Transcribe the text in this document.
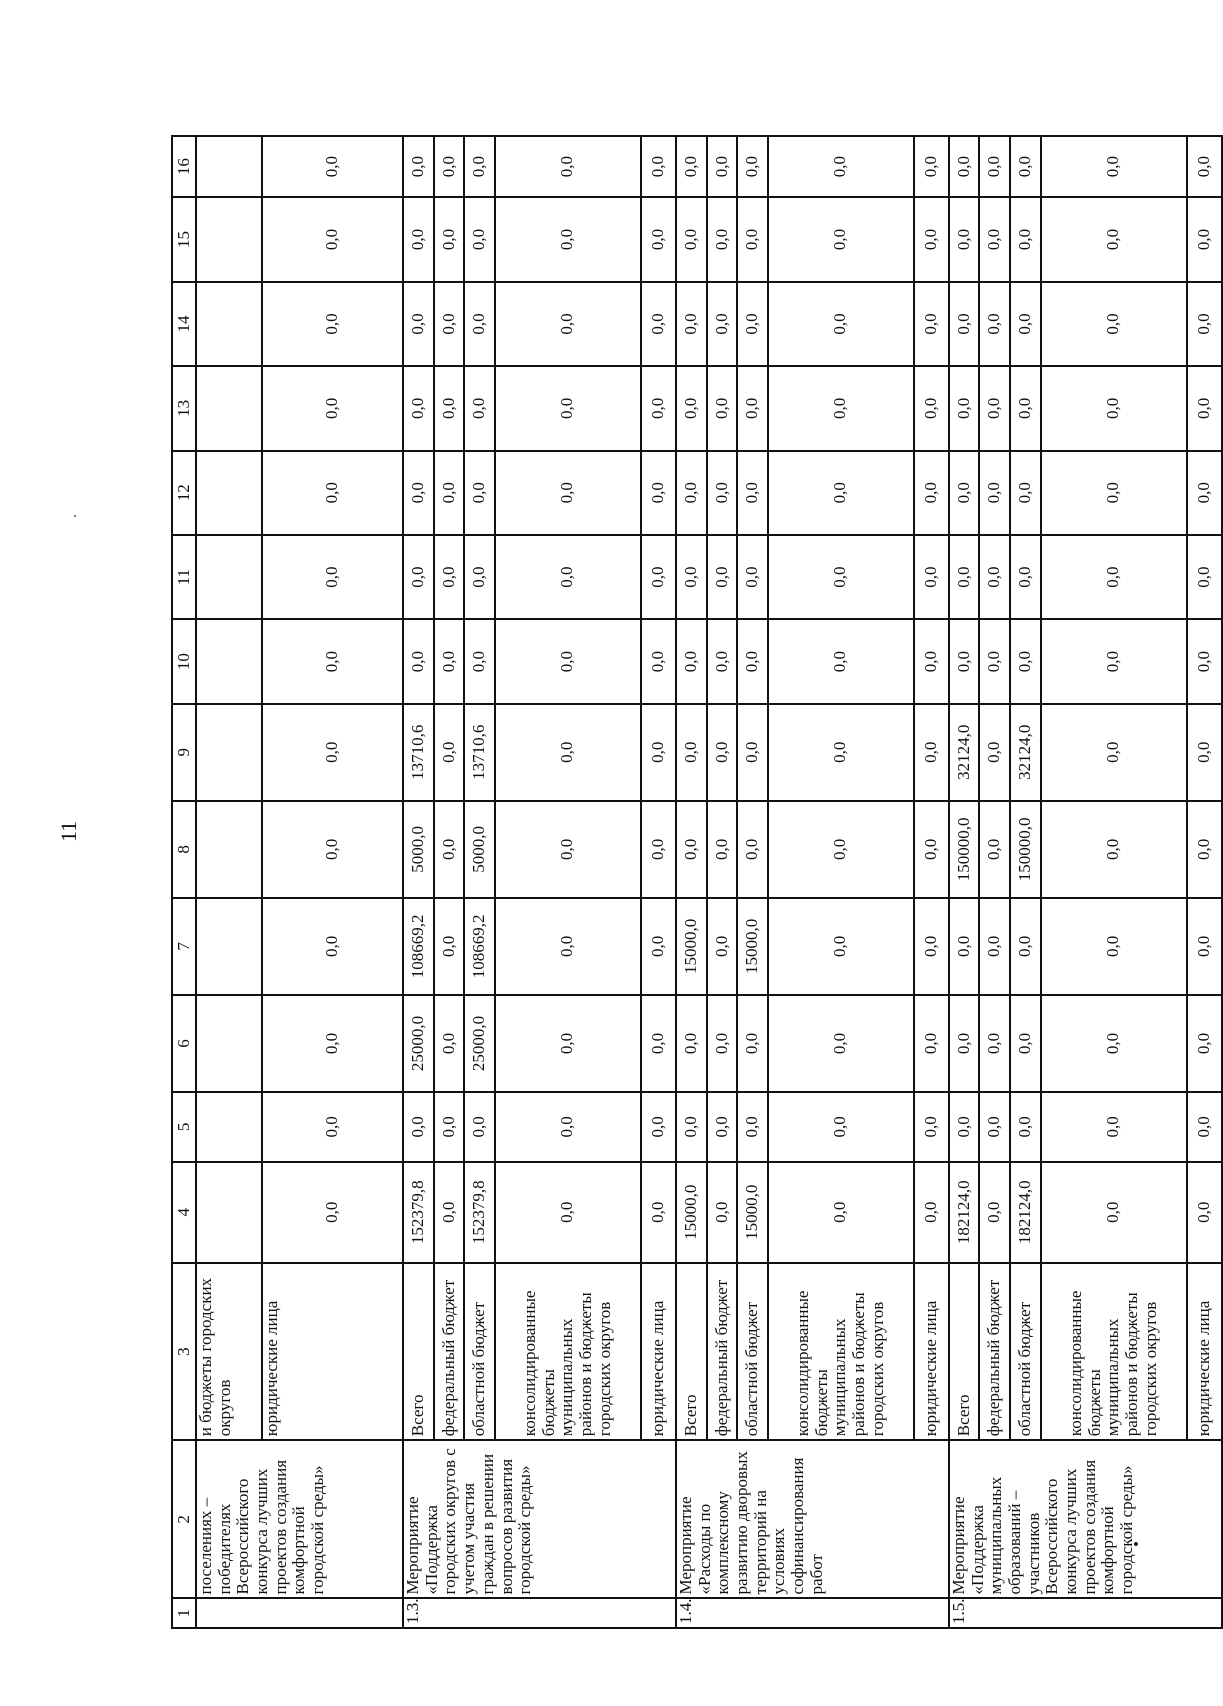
11
1	2	3	4	5	6	7	8	9	10	11	12	13	14	15	16
	поселениях – победителях Всероссийского конкурса лучших проектов создания комфортной городской среды»	и бюджеты городских округов													
		юридические лица	0,0	0,0	0,0	0,0	0,0	0,0	0,0	0,0	0,0	0,0	0,0	0,0	0,0
1.3.	Мероприятие «Поддержка городских округов с учетом участия граждан в решении вопросов развития городской среды»	Всего	152379,8	0,0	25000,0	108669,2	5000,0	13710,6	0,0	0,0	0,0	0,0	0,0	0,0	0,0
		федеральный бюджет	0,0	0,0	0,0	0,0	0,0	0,0	0,0	0,0	0,0	0,0	0,0	0,0	0,0
		областной бюджет	152379,8	0,0	25000,0	108669,2	5000,0	13710,6	0,0	0,0	0,0	0,0	0,0	0,0	0,0
		консолидированные бюджеты муниципальных районов и бюджеты городских округов	0,0	0,0	0,0	0,0	0,0	0,0	0,0	0,0	0,0	0,0	0,0	0,0	0,0
		юридические лица	0,0	0,0	0,0	0,0	0,0	0,0	0,0	0,0	0,0	0,0	0,0	0,0	0,0
1.4.	Мероприятие «Расходы по комплексному развитию дворовых территорий на условиях софинансирования работ	Всего	15000,0	0,0	0,0	15000,0	0,0	0,0	0,0	0,0	0,0	0,0	0,0	0,0	0,0
		федеральный бюджет	0,0	0,0	0,0	0,0	0,0	0,0	0,0	0,0	0,0	0,0	0,0	0,0	0,0
		областной бюджет	15000,0	0,0	0,0	15000,0	0,0	0,0	0,0	0,0	0,0	0,0	0,0	0,0	0,0
		консолидированные бюджеты муниципальных районов и бюджеты городских округов	0,0	0,0	0,0	0,0	0,0	0,0	0,0	0,0	0,0	0,0	0,0	0,0	0,0
		юридические лица	0,0	0,0	0,0	0,0	0,0	0,0	0,0	0,0	0,0	0,0	0,0	0,0	0,0
1.5.	Мероприятие «Поддержка муниципальных образований – участников Всероссийского конкурса лучших проектов создания комфортной городской среды»	Всего	182124,0	0,0	0,0	0,0	150000,0	32124,0	0,0	0,0	0,0	0,0	0,0	0,0	0,0
		федеральный бюджет	0,0	0,0	0,0	0,0	0,0	0,0	0,0	0,0	0,0	0,0	0,0	0,0	0,0
		областной бюджет	182124,0	0,0	0,0	0,0	150000,0	32124,0	0,0	0,0	0,0	0,0	0,0	0,0	0,0
		консолидированные бюджеты муниципальных районов и бюджеты городских округов	0,0	0,0	0,0	0,0	0,0	0,0	0,0	0,0	0,0	0,0	0,0	0,0	0,0
		юридические лица	0,0	0,0	0,0	0,0	0,0	0,0	0,0	0,0	0,0	0,0	0,0	0,0	0,0
